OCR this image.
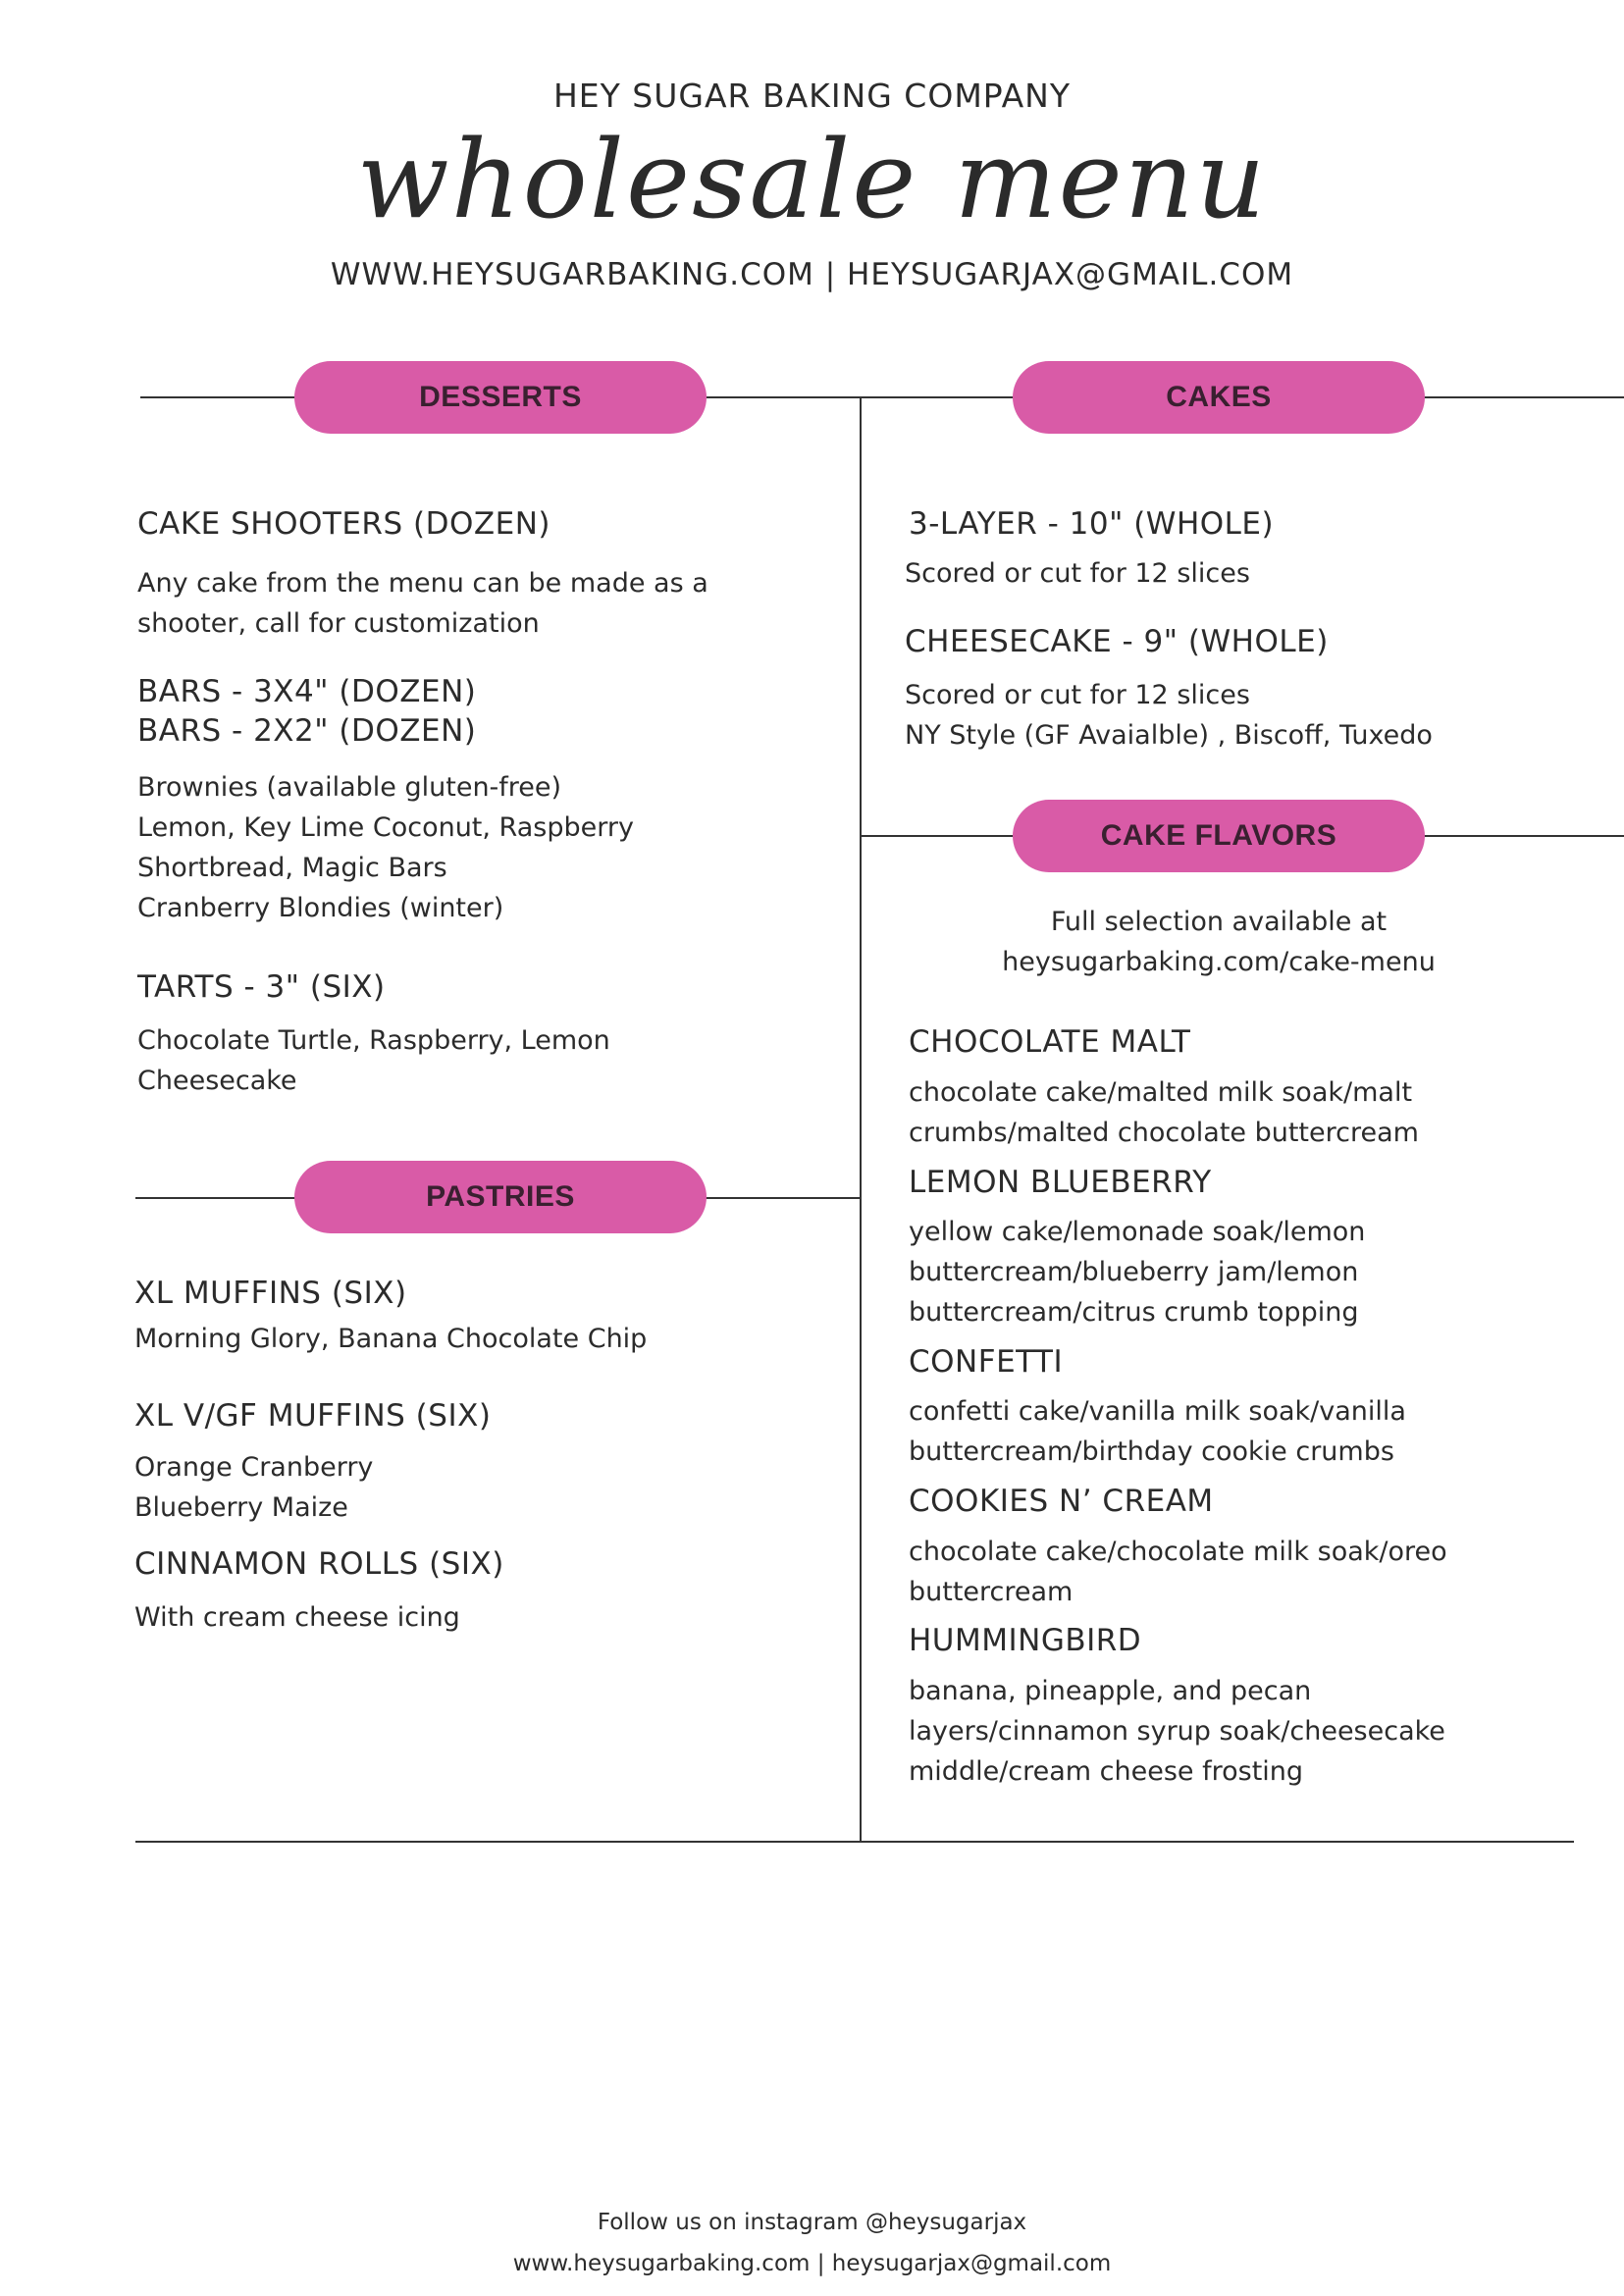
HEY SUGAR BAKING COMPANY
wholesale menu
WWW.HEYSUGARBAKING.COM | HEYSUGARJAX@GMAIL.COM
DESSERTS	CAKES
CAKE FLAVORS
PASTRIES
CAKE SHOOTERS (DOZEN)
Any cake from the menu can be made as a
shooter, call for customization
BARS - 3X4" (DOZEN)
BARS - 2X2" (DOZEN)
Brownies (available gluten-free)
Lemon, Key Lime Coconut, Raspberry
Shortbread, Magic Bars
Cranberry Blondies (winter)
TARTS - 3" (SIX)
Chocolate Turtle, Raspberry, Lemon
Cheesecake
XL MUFFINS (SIX)
Morning Glory, Banana Chocolate Chip
XL V/GF MUFFINS (SIX)
Orange Cranberry
Blueberry Maize
CINNAMON ROLLS (SIX)
With cream cheese icing
3-LAYER - 10" (WHOLE)
Scored or cut for 12 slices
CHEESECAKE - 9" (WHOLE)
Scored or cut for 12 slices
NY Style (GF Avaialble) , Biscoff, Tuxedo
Full selection available at
heysugarbaking.com/cake-menu
CHOCOLATE MALT
chocolate cake/malted milk soak/malt
crumbs/malted chocolate buttercream
LEMON BLUEBERRY
yellow cake/lemonade soak/lemon
buttercream/blueberry jam/lemon
buttercream/citrus crumb topping
CONFETTI
confetti cake/vanilla milk soak/vanilla
buttercream/birthday cookie crumbs
COOKIES N’ CREAM
chocolate cake/chocolate milk soak/oreo
buttercream
HUMMINGBIRD
banana, pineapple, and pecan
layers/cinnamon syrup soak/cheesecake
middle/cream cheese frosting
Follow us on instagram @heysugarjax
www.heysugarbaking.com | heysugarjax@gmail.com
